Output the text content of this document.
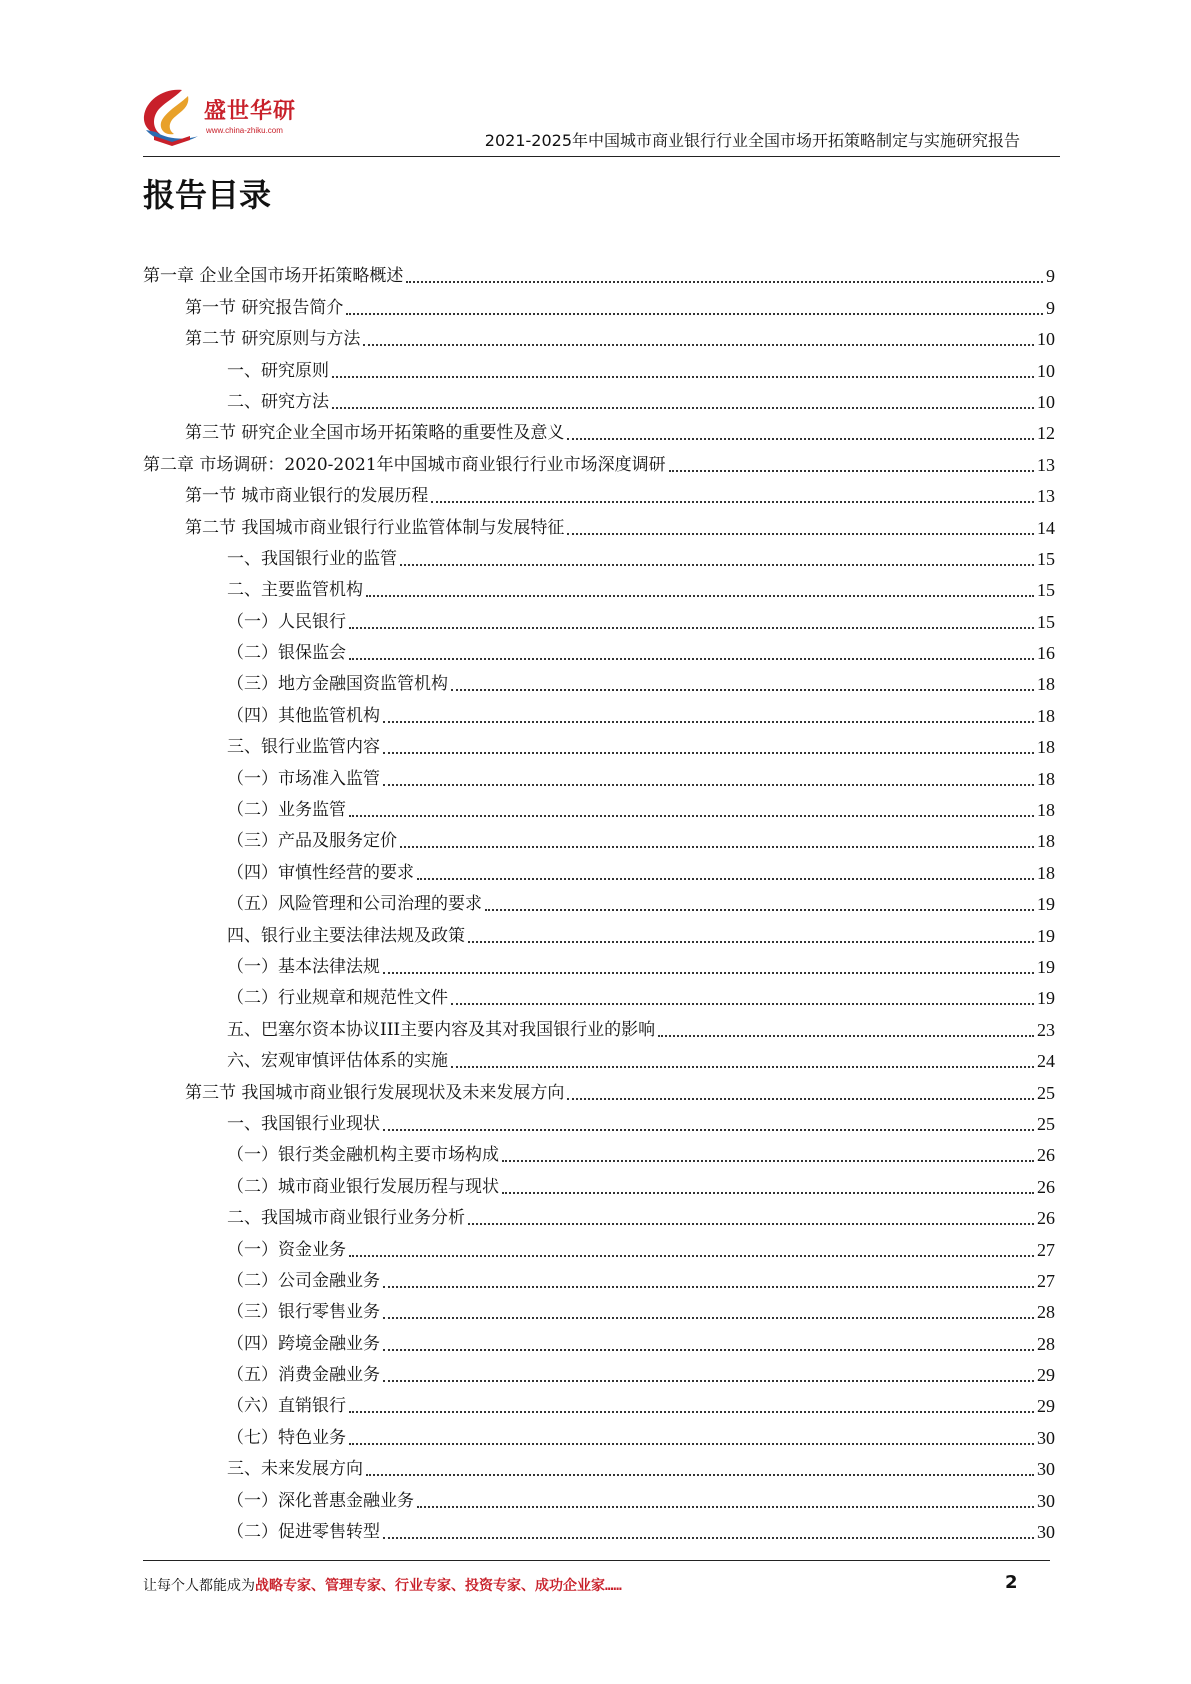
盛世华研
www.china-zhiku.com
2021-2025年中国城市商业银行行业全国市场开拓策略制定与实施研究报告
报告目录
第一章 企业全国市场开拓策略概述	9
第一节 研究报告简介	9
第二节 研究原则与方法	10
一、研究原则	10
二、研究方法	10
第三节 研究企业全国市场开拓策略的重要性及意义	12
第二章 市场调研：2020-2021年中国城市商业银行行业市场深度调研	13
第一节 城市商业银行的发展历程	13
第二节 我国城市商业银行行业监管体制与发展特征	14
一、我国银行业的监管	15
二、主要监管机构	15
（一）人民银行	15
（二）银保监会	16
（三）地方金融国资监管机构	18
（四）其他监管机构	18
三、银行业监管内容	18
（一）市场准入监管	18
（二）业务监管	18
（三）产品及服务定价	18
（四）审慎性经营的要求	18
（五）风险管理和公司治理的要求	19
四、银行业主要法律法规及政策	19
（一）基本法律法规	19
（二）行业规章和规范性文件	19
五、巴塞尔资本协议III主要内容及其对我国银行业的影响	23
六、宏观审慎评估体系的实施	24
第三节 我国城市商业银行发展现状及未来发展方向	25
一、我国银行业现状	25
（一）银行类金融机构主要市场构成	26
（二）城市商业银行发展历程与现状	26
二、我国城市商业银行业务分析	26
（一）资金业务	27
（二）公司金融业务	27
（三）银行零售业务	28
（四）跨境金融业务	28
（五）消费金融业务	29
（六）直销银行	29
（七）特色业务	30
三、未来发展方向	30
（一）深化普惠金融业务	30
（二）促进零售转型	30
让每个人都能成为战略专家、管理专家、行业专家、投资专家、成功企业家……	2
